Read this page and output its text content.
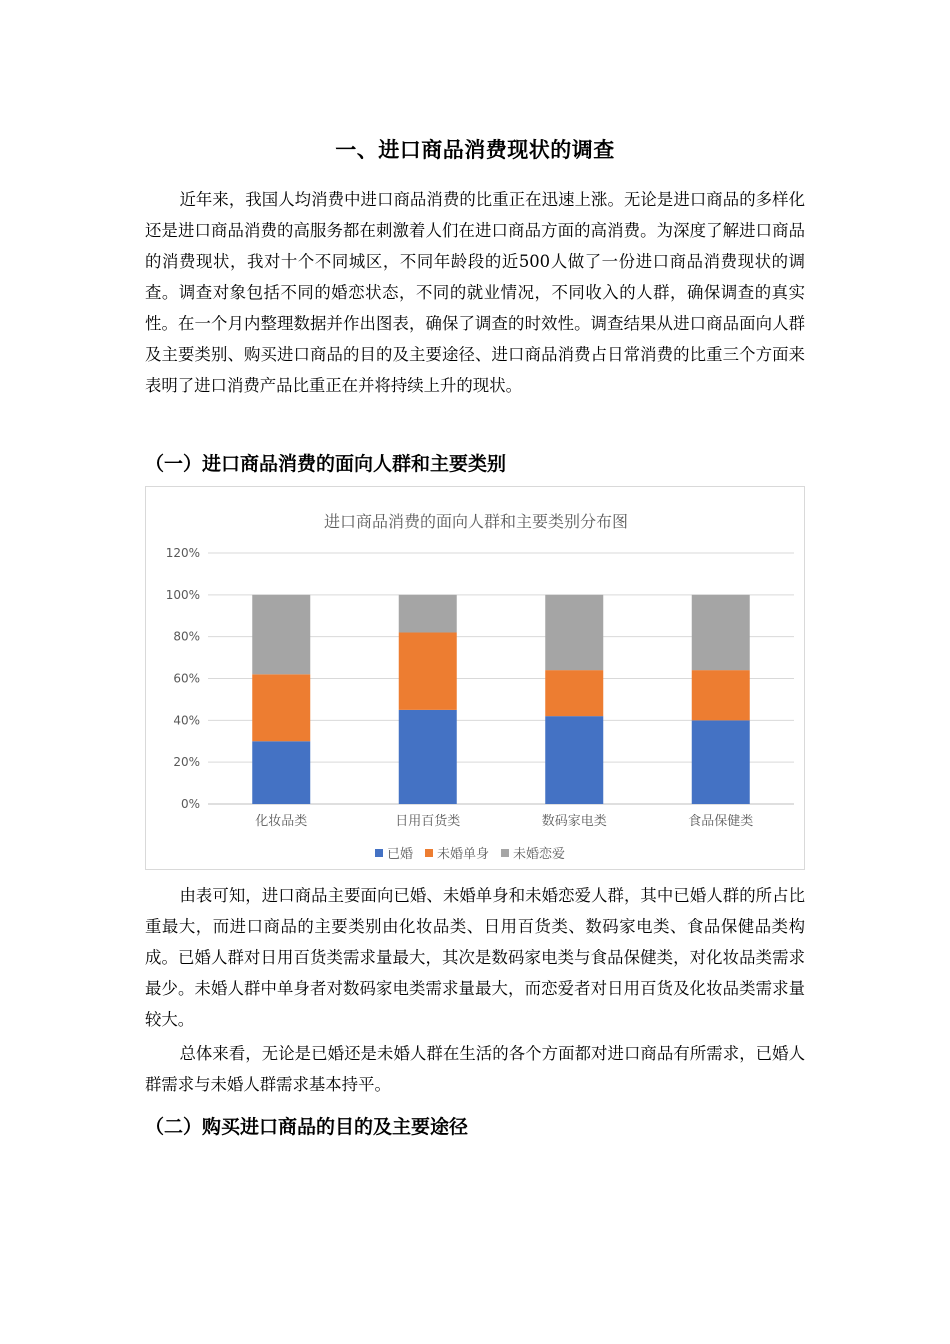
一、进口商品消费现状的调查

近年来，我国人均消费中进口商品消费的比重正在迅速上涨。无论是进口商品的多样化还是进口商品消费的高服务都在刺激着人们在进口商品方面的高消费。为深度了解进口商品的消费现状，我对十个不同城区，不同年龄段的近500人做了一份进口商品消费现状的调查。调查对象包括不同的婚恋状态，不同的就业情况，不同收入的人群，确保调查的真实性。在一个月内整理数据并作出图表，确保了调查的时效性。调查结果从进口商品面向人群及主要类别、购买进口商品的目的及主要途径、进口商品消费占日常消费的比重三个方面来表明了进口消费产品比重正在并将持续上升的现状。

（一）进口商品消费的面向人群和主要类别
进口商品消费的面向人群和主要类别分布图
0%
20%
40%
60%
80%
100%
120%
化妆品类	日用百货类	数码家电类	食品保健类
已婚 未婚单身 未婚恋爱

由表可知，进口商品主要面向已婚、未婚单身和未婚恋爱人群，其中已婚人群的所占比重最大，而进口商品的主要类别由化妆品类、日用百货类、数码家电类、食品保健品类构成。已婚人群对日用百货类需求量最大，其次是数码家电类与食品保健类，对化妆品类需求最少。未婚人群中单身者对数码家电类需求量最大，而恋爱者对日用百货及化妆品类需求量较大。

总体来看，无论是已婚还是未婚人群在生活的各个方面都对进口商品有所需求，已婚人群需求与未婚人群需求基本持平。

（二）购买进口商品的目的及主要途径
